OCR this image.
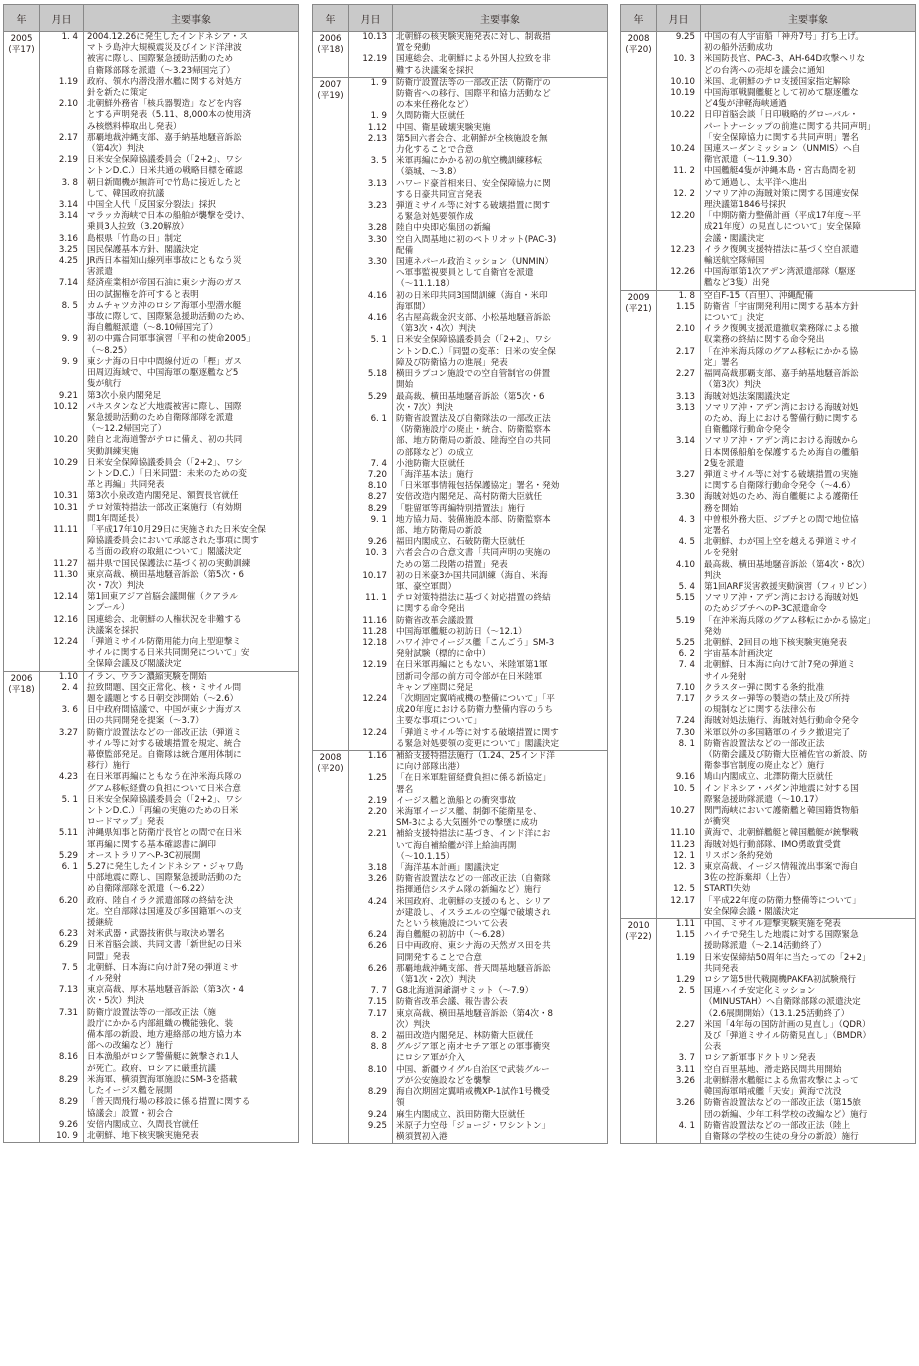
年	月日	主要事象
2005
(平17)
1. 4	2004.12.26に発生したインドネシア・ス
マトラ島沖大規模震災及びインド洋津波
被害に際し、国際緊急援助活動のため
自衛隊部隊を派遣（～3.23帰国完了）
1.19	政府、領水内潜没潜水艦に関する対処方
針を新たに策定
2.10	北朝鮮外務省「核兵器製造」などを内容
とする声明発表（5.11、8,000本の使用済
み核燃料棒取出し発表）
2.17	那覇地裁沖縄支部、嘉手納基地騒音訴訟
（第4次）判決
2.19	日米安全保障協議委員会（「2+2」、ワシ
ントンD.C.）日米共通の戦略目標を確認
3. 8	朝日新聞機が無許可で竹島に接近したと
して、韓国政府抗議
3.14	中国全人代「反国家分裂法」採択
3.14	マラッカ海峡で日本の船舶が襲撃を受け、
乗員3人拉致（3.20解放）
3.16	島根県「竹島の日」制定
3.25	国民保護基本方針、閣議決定
4.25	JR西日本福知山線列車事故にともなう災
害派遣
7.14	経済産業相が帝国石油に東シナ海のガス
田の試掘権を許可すると表明
8. 5	カムチャツカ沖のロシア海軍小型潜水艇
事故に際して、国際緊急援助活動のため、
海自艦艇派遣（～8.10帰国完了）
9. 9	初の中露合同軍事演習「平和の使命2005」
（～8.25）
9. 9	東シナ海の日中中間線付近の「樫」ガス
田周辺海域で、中国海軍の駆逐艦など5
隻が航行
9.21	第3次小泉内閣発足
10.12	パキスタンなど大地震被害に際し、国際
緊急援助活動のため自衛隊部隊を派遣
（～12.2帰国完了）
10.20	陸自と北海道警がテロに備え、初の共同
実動訓練実施
10.29	日米安全保障協議委員会（「2+2」、ワシ
ントンD.C.）「日米同盟：未来のための変
革と再編」共同発表
10.31	第3次小泉改造内閣発足、額賀長官就任
10.31	テロ対策特措法一部改正案施行（有効期
間1年間延長）
11.11	「平成17年10月29日に実施された日米安全保
障協議委員会において承認された事項に関す
る当面の政府の取組について」閣議決定
11.27	福井県で国民保護法に基づく初の実動訓練
11.30	東京高裁、横田基地騒音訴訟（第5次・6
次・7次）判決
12.14	第1回東アジア首脳会議開催（クアラル
ンプール）
12.16	国連総会、北朝鮮の人権状況を非難する
決議案を採択
12.24	「弾道ミサイル防衛用能力向上型迎撃ミ
サイルに関する日米共同開発について」安
全保障会議及び閣議決定
2006
(平18)
1.10	イラン、ウラン濃縮実験を開始
2. 4	拉致問題、国交正常化、核・ミサイル問
題を議題とする日朝交渉開始（～2.6）
3. 6	日中政府間協議で、中国が東シナ海ガス
田の共同開発を提案（～3.7）
3.27	防衛庁設置法などの一部改正法（弾道ミ
サイル等に対する破壊措置を規定、統合
幕僚監部発足。自衛隊は統合運用体制に
移行）施行
4.23	在日米軍再編にともなう在沖米海兵隊の
グアム移転経費の負担について日米合意
5. 1	日米安全保障協議委員会（「2+2」、ワシ
ントンD.C.）「再編の実施のための日米
ロードマップ」発表
5.11	沖縄県知事と防衛庁長官との間で在日米
軍再編に関する基本確認書に調印
5.29	オーストラリアへP-3C初展開
6. 1	5.27に発生したインドネシア・ジャワ島
中部地震に際し、国際緊急援助活動のた
め自衛隊部隊を派遣（～6.22）
6.20	政府、陸自イラク派遣部隊の終結を決
定。空自部隊は国連及び多国籍軍への支
援継続
6.23	対米武器・武器技術供与取決め署名
6.29	日米首脳会談、共同文書「新世紀の日米
同盟」発表
7. 5	北朝鮮、日本海に向け計7発の弾道ミサ
イル発射
7.13	東京高裁、厚木基地騒音訴訟（第3次・4
次・5次）判決
7.31	防衛庁設置法等の一部改正法（施
設庁にかかる内部組織の機能強化、装
備本部の新設、地方連絡部の地方協力本
部への改編など）施行
8.16	日本漁船がロシア警備艇に銃撃され1人
が死亡。政府、ロシアに厳重抗議
8.29	米海軍、横須賀海軍施設にSM-3を搭載
したイージス艦を展開
8.29	「普天間飛行場の移設に係る措置に関する
協議会」設置・初会合
9.26	安倍内閣成立、久間長官就任
10. 9	北朝鮮、地下核実験実施発表
年	月日	主要事象
2006
(平18)
10.13	北朝鮮の核実験実施発表に対し、制裁措
置を発動
12.19	国連総会、北朝鮮による外国人拉致を非
難する決議案を採択
2007
(平19)
1. 9	防衛庁設置法等の一部改正法（防衛庁の
防衛省への移行、国際平和協力活動など
の本来任務化など）
1. 9	久間防衛大臣就任
1.12	中国、衛星破壊実験実施
2.13	第5回六者会合、北朝鮮が全核施設を無
力化することで合意
3. 5	米軍再編にかかる初の航空機訓練移転
（築城、～3.8）
3.13	ハワード豪首相来日、安全保障協力に関
する日豪共同宣言発表
3.23	弾道ミサイル等に対する破壊措置に関す
る緊急対処要領作成
3.28	陸自中央即応集団の新編
3.30	空自入間基地に初のペトリオット(PAC-3)
配備
3.30	国連ネパール政治ミッション（UNMIN）
へ軍事監視要員として自衛官を派遣
（～11.1.18）
4.16	初の日米印共同3国間訓練（海自・米印
海軍間）
4.16	名古屋高裁金沢支部、小松基地騒音訴訟
（第3次・4次）判決
5. 1	日米安全保障協議委員会（「2+2」、ワシ
ントンD.C.）「同盟の変革：日米の安全保
障及び防衛協力の進展」発表
5.18	横田ラプコン施設での空自管制官の併置
開始
5.29	最高裁、横田基地騒音訴訟（第5次・6
次・7次）判決
6. 1	防衛省設置法及び自衛隊法の一部改正法
（防衛施設庁の廃止・統合、防衛監察本
部、地方防衛局の新設、陸海空自の共同
の部隊など）の成立
7. 4	小池防衛大臣就任
7.20	「海洋基本法」施行
8.10	「日米軍事情報包括保護協定」署名・発効
8.27	安倍改造内閣発足、高村防衛大臣就任
8.29	「駐留軍等再編特別措置法」施行
9. 1	地方協力局、装備施設本部、防衛監察本
部、地方防衛局の新設
9.26	福田内閣成立、石破防衛大臣就任
10. 3	六者会合の合意文書「共同声明の実施の
ための第二段階の措置」発表
10.17	初の日米豪3か国共同訓練（海自、米海
軍、豪空軍間）
11. 1	テロ対策特措法に基づく対応措置の終結
に関する命令発出
11.16	防衛省改革会議設置
11.28	中国海軍艦艇の初訪日（～12.1）
12.18	ハワイ沖でイージス艦「こんごう」SM-3
発射試験（標的に命中）
12.19	在日米軍再編にともない、米陸軍第1軍
団新司令部の前方司令部が在日米陸軍
キャンプ座間に発足
12.24	「次期固定翼哨戒機の整備について」「平
成20年度における防衛力整備内容のうち
主要な事項について」
12.24	「弾道ミサイル等に対する破壊措置に関す
る緊急対処要領の変更について」閣議決定
2008
(平20)
1.16	補給支援特措法施行（1.24、25インド洋
に向け部隊出港）
1.25	「在日米軍駐留経費負担に係る新協定」
署名
2.19	イージス艦と漁船との衝突事故
2.20	米海軍イージス艦、制御不能衛星を、
SM-3による大気圏外での撃墜に成功
2.21	補給支援特措法に基づき、インド洋にお
いて海自補給艦が洋上給油再開
（～10.1.15）
3.18	「海洋基本計画」閣議決定
3.26	防衛省設置法などの一部改正法（自衛隊
指揮通信システム隊の新編など）施行
4.24	米国政府、北朝鮮の支援のもと、シリア
が建設し、イスラエルの空爆で破壊され
たという核施設について公表
6.24	海自艦艇の初訪中（～6.28）
6.26	日中両政府、東シナ海の天然ガス田を共
同開発することで合意
6.26	那覇地裁沖縄支部、普天間基地騒音訴訟
（第1次・2次）判決
7. 7	G8北海道洞爺湖サミット（～7.9）
7.15	防衛省改革会議、報告書公表
7.17	東京高裁、横田基地騒音訴訟（第4次・8
次）判決
8. 2	福田改造内閣発足、林防衛大臣就任
8. 8	グルジア軍と南オセチア軍との軍事衝突
にロシア軍が介入
8.10	中国、新疆ウイグル自治区で武装グルー
プが公安施設などを襲撃
8.29	海自次期固定翼哨戒機XP-1試作1号機受
領
9.24	麻生内閣成立、浜田防衛大臣就任
9.25	米原子力空母「ジョージ・ワシントン」
横須賀初入港
年	月日	主要事象
2008
(平20)
9.25	中国の有人宇宙船「神舟7号」打ち上げ。
初の船外活動成功
10. 3	米国防長官、PAC-3、AH-64D攻撃ヘリな
どの台湾への売却を議会に通知
10.10	米国、北朝鮮のテロ支援国家指定解除
10.19	中国海軍戦闘艦艇として初めて駆逐艦な
ど4隻が津軽海峡通過
10.22	日印首脳会談「日印戦略的グローバル・
パートナーシップの前進に関する共同声明」
「安全保障協力に関する共同声明」署名
10.24	国連スーダンミッション（UNMIS）へ自
衛官派遣（～11.9.30）
11. 2	中国艦艇4隻が沖縄本島・宮古島間を初
めて通過し、太平洋へ進出
12. 2	ソマリア沖の海賊対策に関する国連安保
理決議第1846号採択
12.20	「中期防衛力整備計画（平成17年度～平
成21年度）の見直しについて」安全保障
会議・閣議決定
12.23	イラク復興支援特措法に基づく空自派遣
輸送航空隊帰国
12.26	中国海軍第1次アデン湾派遣部隊（駆逐
艦など3隻）出発
2009
(平21)
1. 8	空自F-15（百里）、沖縄配備
1.15	防衛省「宇宙開発利用に関する基本方針
について」決定
2.10	イラク復興支援派遣撤収業務隊による撤
収業務の終結に関する命令発出
2.17	「在沖米海兵隊のグアム移転にかかる協
定」署名
2.27	福岡高裁那覇支部、嘉手納基地騒音訴訟
（第3次）判決
3.13	海賊対処法案閣議決定
3.13	ソマリア沖・アデン湾における海賊対処
のため、海上における警備行動に関する
自衛艦隊行動命令発令
3.14	ソマリア沖・アデン湾における海賊から
日本関係船舶を保護するため海自の艦船
2隻を派遣
3.27	弾道ミサイル等に対する破壊措置の実施
に関する自衛隊行動命令発令（～4.6）
3.30	海賊対処のため、海自艦艇による護衛任
務を開始
4. 3	中曽根外務大臣、ジブチとの間で地位協
定署名
4. 5	北朝鮮、わが国上空を越える弾道ミサイ
ルを発射
4.10	最高裁、横田基地騒音訴訟（第4次・8次）
判決
5. 4	第1回ARF災害救援実動演習（フィリピン）
5.15	ソマリア沖・アデン湾における海賊対処
のためジブチへのP-3C派遣命令
5.19	「在沖米海兵隊のグアム移転にかかる協定」
発効
5.25	北朝鮮、2回目の地下核実験実施発表
6. 2	宇宙基本計画決定
7. 4	北朝鮮、日本海に向けて計7発の弾道ミ
サイル発射
7.10	クラスター弾に関する条約批准
7.17	クラスター弾等の製造の禁止及び所持
の規制などに関する法律公布
7.24	海賊対処法施行、海賊対処行動命令発令
7.30	米軍以外の多国籍軍のイラク撤退完了
8. 1	防衛省設置法などの一部改正法
（防衛会議及び防衛大臣補佐官の新設、防
衛参事官制度の廃止など）施行
9.16	鳩山内閣成立、北澤防衛大臣就任
10. 5	インドネシア・パダン沖地震に対する国
際緊急援助隊派遣（～10.17）
10.27	関門海峡において護衛艦と韓国籍貨物船
が衝突
11.10	黄海で、北朝鮮艦艇と韓国艦艇が銃撃戦
11.23	海賊対処行動部隊、IMO勇敢賞受賞
12. 1	リスボン条約発効
12. 3	東京高裁、イージス情報流出事案で海自
3佐の控訴棄却（上告）
12. 5	STARTⅠ失効
12.17	「平成22年度の防衛力整備等について」
安全保障会議・閣議決定
2010
(平22)
1.11	中国、ミサイル迎撃実験実施を発表
1.15	ハイチで発生した地震に対する国際緊急
援助隊派遣（～2.14活動終了）
1.19	日米安保締結50周年に当たっての「2+2」
共同発表
1.29	ロシア第5世代戦闘機PAKFA初試験飛行
2. 5	国連ハイチ安定化ミッション
（MINUSTAH）へ自衛隊部隊の派遣決定
（2.6展開開始）（13.1.25活動終了）
2.27	米国「4年毎の国防計画の見直し」（QDR）
及び「弾道ミサイル防衛見直し」（BMDR）
公表
3. 7	ロシア新軍事ドクトリン発表
3.11	空自百里基地、滑走路民間共用開始
3.26	北朝鮮潜水艦艇による魚雷攻撃によって
韓国海軍哨戒艦「天安」黄海で沈没
3.26	防衛省設置法などの一部改正法（第15旅
団の新編、少年工科学校の改編など）施行
4. 1	防衛省設置法などの一部改正法（陸上
自衛隊の学校の生徒の身分の新設）施行
